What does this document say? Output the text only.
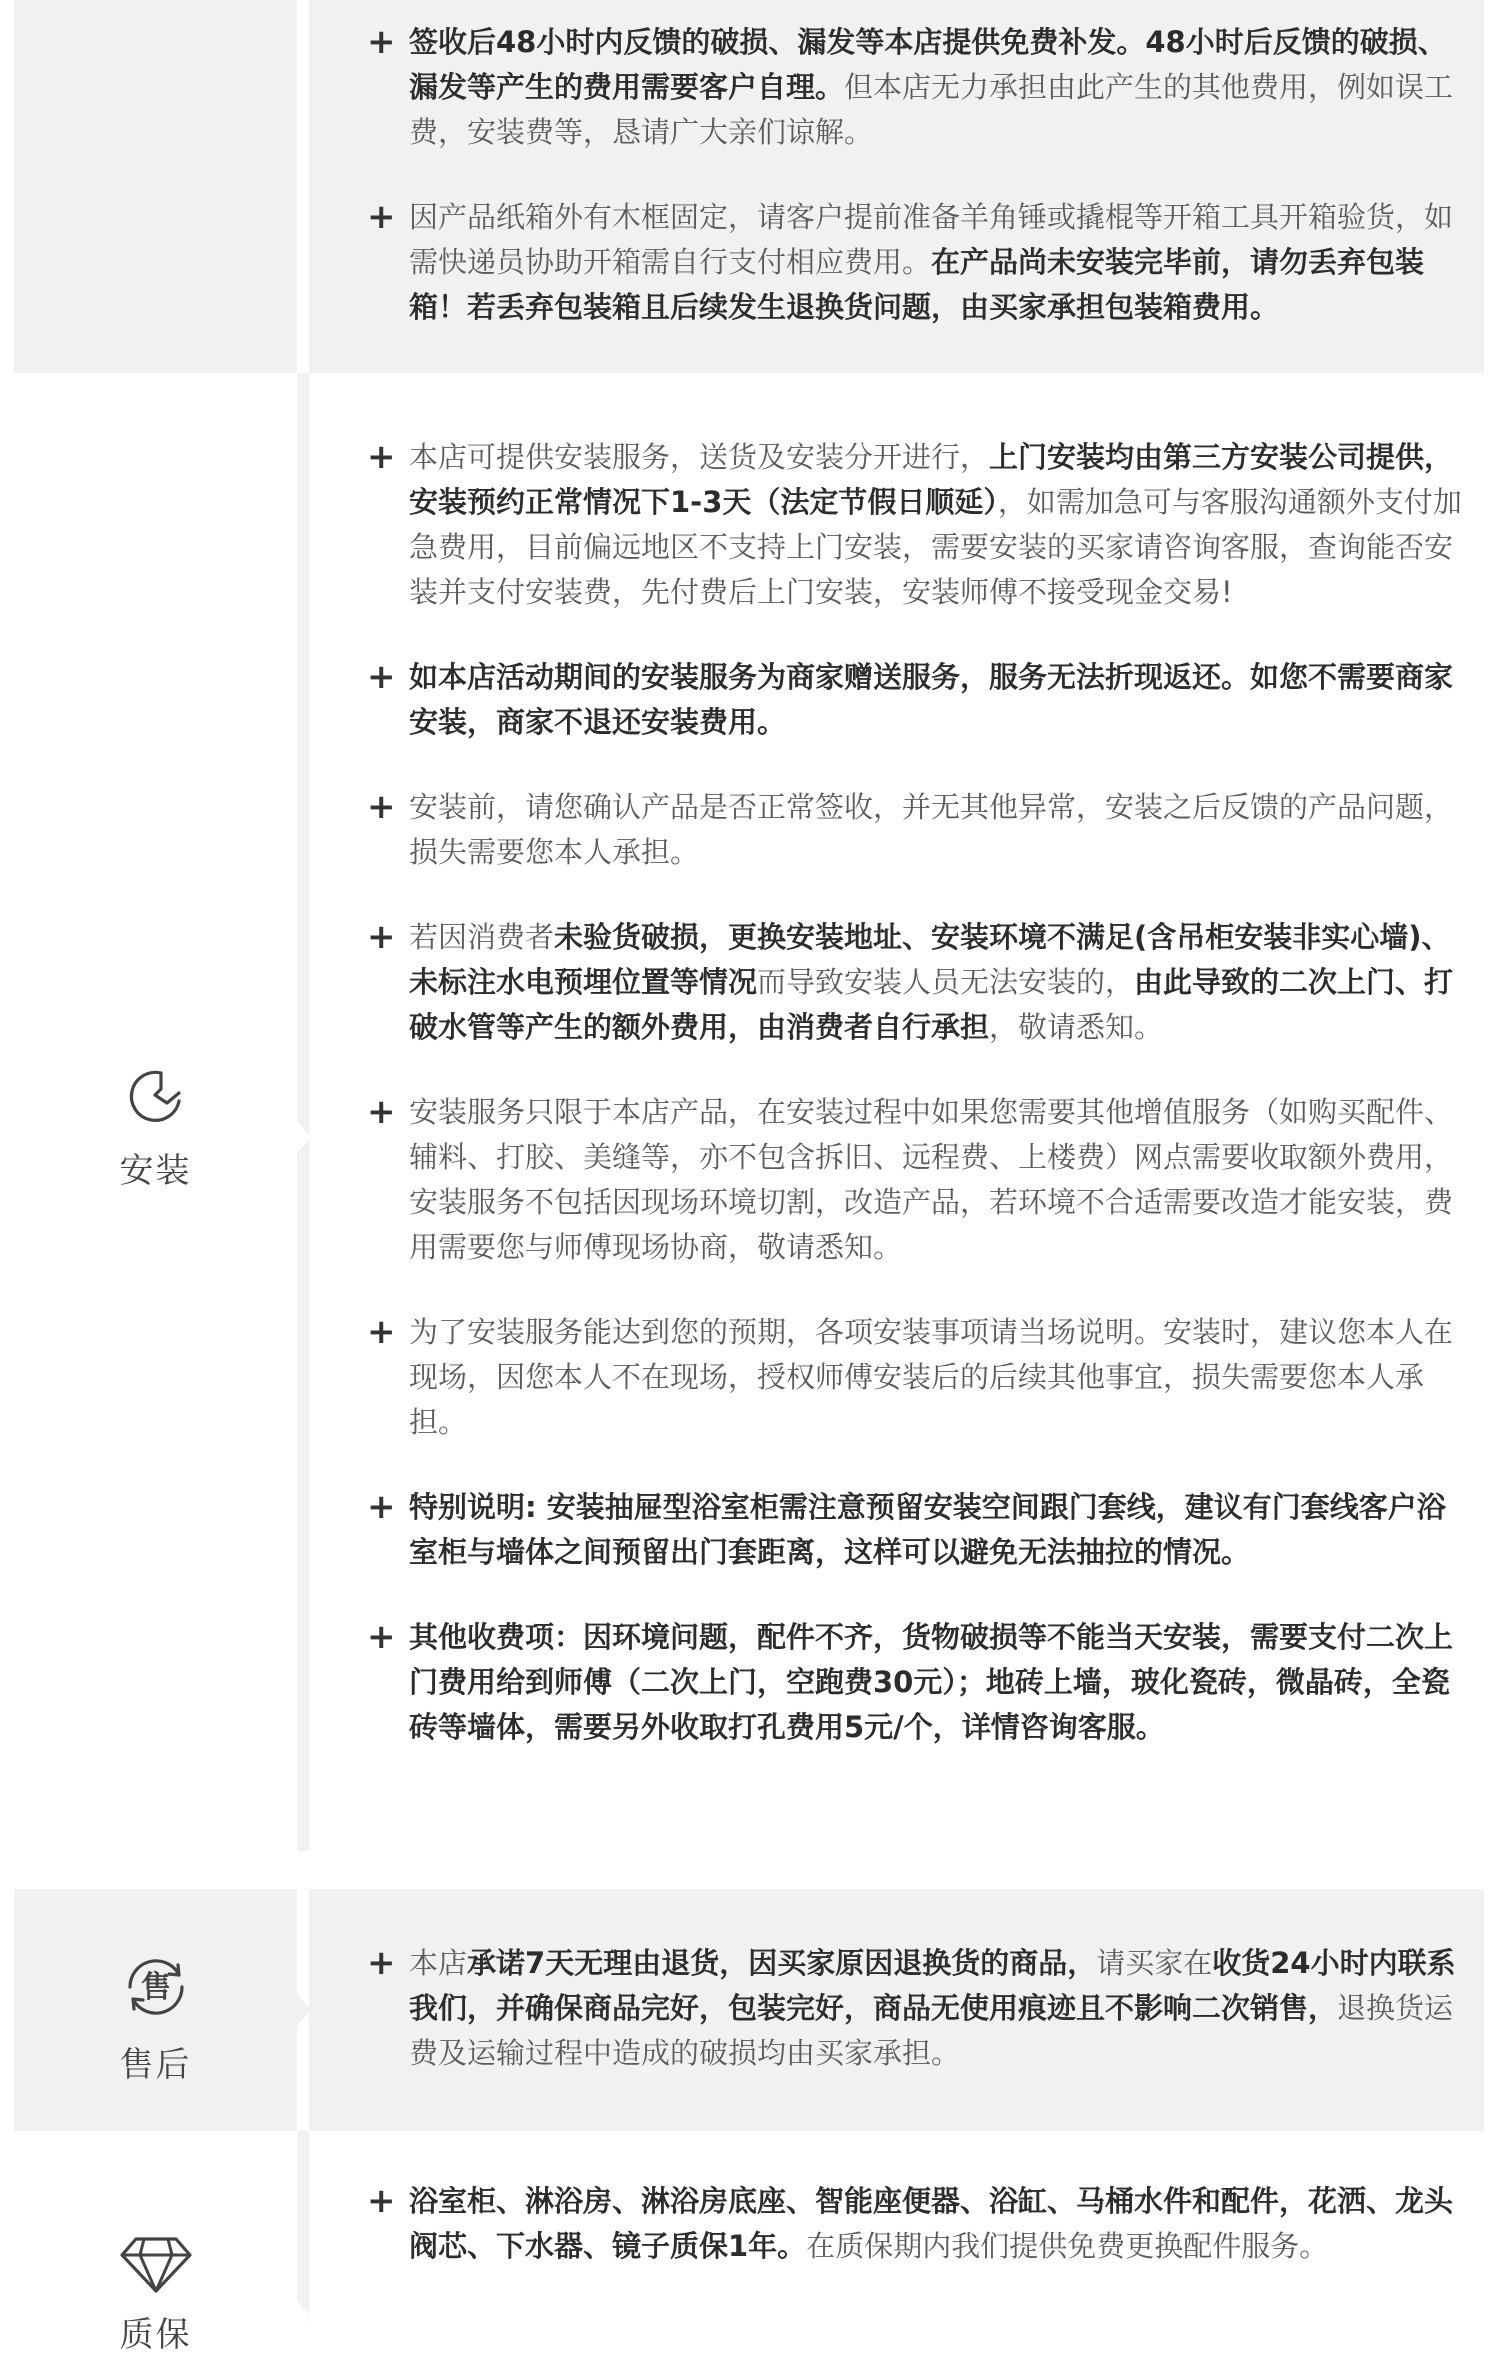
+ 签收后48小时内反馈的破损、漏发等本店提供免费补发。48小时后反馈的破损、漏发等产生的费用需要客户自理。但本店无力承担由此产生的其他费用，例如误工费，安装费等，恳请广大亲们谅解。
+ 因产品纸箱外有木框固定，请客户提前准备羊角锤或撬棍等开箱工具开箱验货，如需快递员协助开箱需自行支付相应费用。在产品尚未安装完毕前，请勿丢弃包装箱！若丢弃包装箱且后续发生退换货问题，由买家承担包装箱费用。
安装
+ 本店可提供安装服务，送货及安装分开进行，上门安装均由第三方安装公司提供，安装预约正常情况下1-3天（法定节假日顺延），如需加急可与客服沟通额外支付加急费用，目前偏远地区不支持上门安装，需要安装的买家请咨询客服，查询能否安装并支付安装费，先付费后上门安装，安装师傅不接受现金交易!
+ 如本店活动期间的安装服务为商家赠送服务，服务无法折现返还。如您不需要商家安装，商家不退还安装费用。
+ 安装前，请您确认产品是否正常签收，并无其他异常，安装之后反馈的产品问题，损失需要您本人承担。
+ 若因消费者未验货破损，更换安装地址、安装环境不满足(含吊柜安装非实心墙)、未标注水电预埋位置等情况而导致安装人员无法安装的，由此导致的二次上门、打破水管等产生的额外费用，由消费者自行承担，敬请悉知。
+ 安装服务只限于本店产品，在安装过程中如果您需要其他增值服务（如购买配件、辅料、打胶、美缝等，亦不包含拆旧、远程费、上楼费）网点需要收取额外费用，安装服务不包括因现场环境切割，改造产品，若环境不合适需要改造才能安装，费用需要您与师傅现场协商，敬请悉知。
+ 为了安装服务能达到您的预期，各项安装事项请当场说明。安装时，建议您本人在现场，因您本人不在现场，授权师傅安装后的后续其他事宜，损失需要您本人承担。
+ 特别说明: 安装抽屉型浴室柜需注意预留安装空间跟门套线，建议有门套线客户浴室柜与墙体之间预留出门套距离，这样可以避免无法抽拉的情况。
+ 其他收费项：因环境问题，配件不齐，货物破损等不能当天安装，需要支付二次上门费用给到师傅（二次上门，空跑费30元）；地砖上墙，玻化瓷砖，微晶砖，全瓷砖等墙体，需要另外收取打孔费用5元/个，详情咨询客服。
售
售后
+ 本店承诺7天无理由退货，因买家原因退换货的商品，请买家在收货24小时内联系我们，并确保商品完好，包装完好，商品无使用痕迹且不影响二次销售，退换货运费及运输过程中造成的破损均由买家承担。
质保
+ 浴室柜、淋浴房、淋浴房底座、智能座便器、浴缸、马桶水件和配件，花洒、龙头阀芯、下水器、镜子质保1年。在质保期内我们提供免费更换配件服务。
